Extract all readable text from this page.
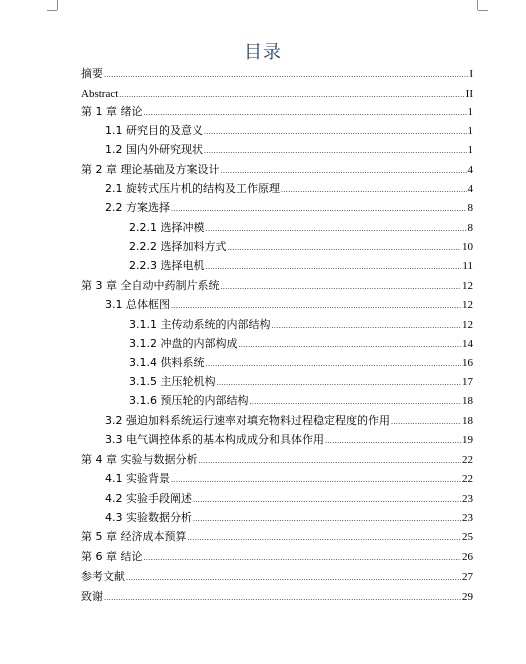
目录
摘要 .....	I
Abstract .....	II
第 1 章 绪论 .....	1
1.1 研究目的及意义 .....	1
1.2 国内外研究现状 .....	1
第 2 章 理论基础及方案设计 .....	4
2.1 旋转式压片机的结构及工作原理 .....	4
2.2 方案选择 .....	8
2.2.1 选择冲模 .....	8
2.2.2 选择加料方式 .....	10
2.2.3 选择电机 .....	11
第 3 章 全自动中药制片系统 .....	12
3.1 总体框图 .....	12
3.1.1 主传动系统的内部结构 .....	12
3.1.2 冲盘的内部构成 .....	14
3.1.4 供料系统 .....	16
3.1.5 主压轮机构 .....	17
3.1.6 预压轮的内部结构 .....	18
3.2 强迫加料系统运行速率对填充物料过程稳定程度的作用 .....	18
3.3 电气调控体系的基本构成成分和具体作用 .....	19
第 4 章 实验与数据分析 .....	22
4.1 实验背景 .....	22
4.2 实验手段阐述 .....	23
4.3 实验数据分析 .....	23
第 5 章 经济成本预算 .....	25
第 6 章 结论 .....	26
参考文献 .....	27
致谢 .....	29
